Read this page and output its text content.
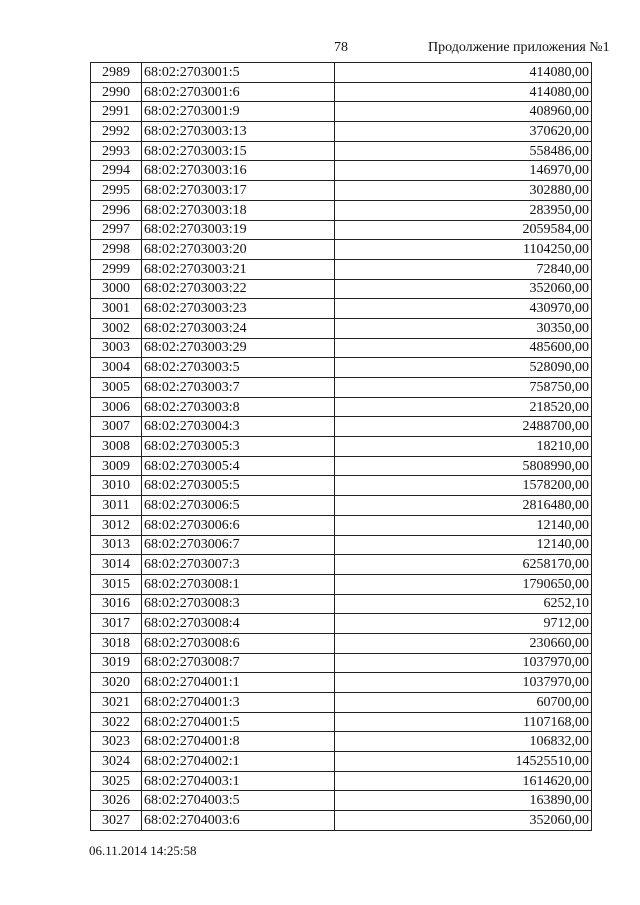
78	Продолжение приложения №1
2989	68:02:2703001:5	414080,00
2990	68:02:2703001:6	414080,00
2991	68:02:2703001:9	408960,00
2992	68:02:2703003:13	370620,00
2993	68:02:2703003:15	558486,00
2994	68:02:2703003:16	146970,00
2995	68:02:2703003:17	302880,00
2996	68:02:2703003:18	283950,00
2997	68:02:2703003:19	2059584,00
2998	68:02:2703003:20	1104250,00
2999	68:02:2703003:21	72840,00
3000	68:02:2703003:22	352060,00
3001	68:02:2703003:23	430970,00
3002	68:02:2703003:24	30350,00
3003	68:02:2703003:29	485600,00
3004	68:02:2703003:5	528090,00
3005	68:02:2703003:7	758750,00
3006	68:02:2703003:8	218520,00
3007	68:02:2703004:3	2488700,00
3008	68:02:2703005:3	18210,00
3009	68:02:2703005:4	5808990,00
3010	68:02:2703005:5	1578200,00
3011	68:02:2703006:5	2816480,00
3012	68:02:2703006:6	12140,00
3013	68:02:2703006:7	12140,00
3014	68:02:2703007:3	6258170,00
3015	68:02:2703008:1	1790650,00
3016	68:02:2703008:3	6252,10
3017	68:02:2703008:4	9712,00
3018	68:02:2703008:6	230660,00
3019	68:02:2703008:7	1037970,00
3020	68:02:2704001:1	1037970,00
3021	68:02:2704001:3	60700,00
3022	68:02:2704001:5	1107168,00
3023	68:02:2704001:8	106832,00
3024	68:02:2704002:1	14525510,00
3025	68:02:2704003:1	1614620,00
3026	68:02:2704003:5	163890,00
3027	68:02:2704003:6	352060,00
06.11.2014 14:25:58
